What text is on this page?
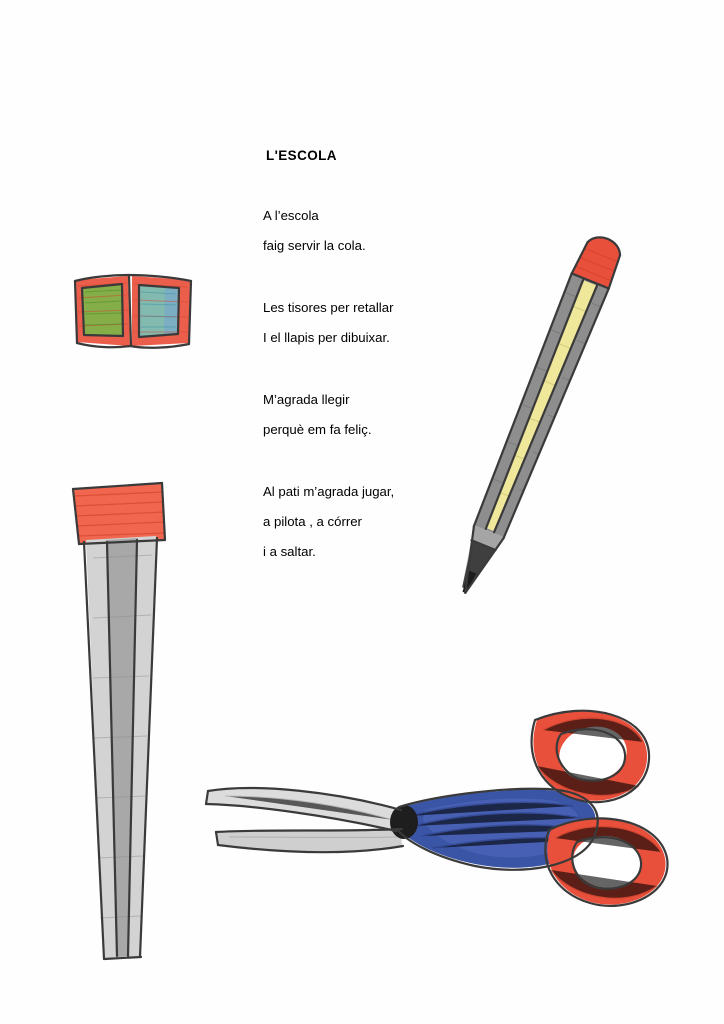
L'ESCOLA
A l’escola
faig servir la cola.
Les tisores per retallar
I el llapis per dibuixar.
M’agrada llegir
perquè em fa feliç.
Al pati m’agrada jugar,
a pilota , a córrer
i a saltar.
